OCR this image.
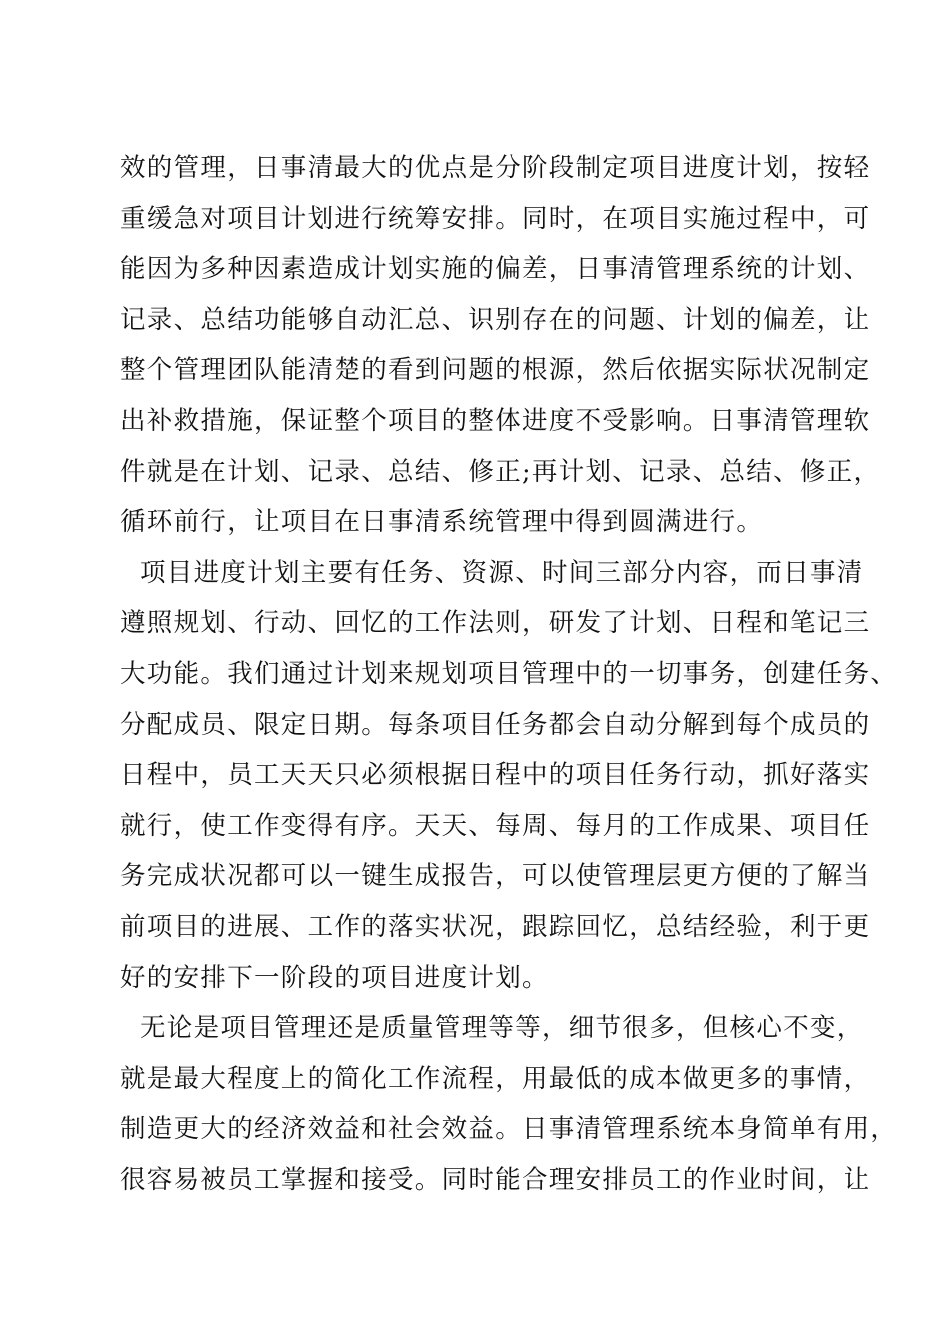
效的管理，日事清最大的优点是分阶段制定项目进度计划，按轻
重缓急对项目计划进行统筹安排。同时，在项目实施过程中，可
能因为多种因素造成计划实施的偏差，日事清管理系统的计划、
记录、总结功能够自动汇总、识别存在的问题、计划的偏差，让
整个管理团队能清楚的看到问题的根源，然后依据实际状况制定
出补救措施，保证整个项目的整体进度不受影响。日事清管理软
件就是在计划、记录、总结、修正;再计划、记录、总结、修正，
循环前行，让项目在日事清系统管理中得到圆满进行。
项目进度计划主要有任务、资源、时间三部分内容，而日事清
遵照规划、行动、回忆的工作法则，研发了计划、日程和笔记三
大功能。我们通过计划来规划项目管理中的一切事务，创建任务、
分配成员、限定日期。每条项目任务都会自动分解到每个成员的
日程中，员工天天只必须根据日程中的项目任务行动，抓好落实
就行，使工作变得有序。天天、每周、每月的工作成果、项目任
务完成状况都可以一键生成报告，可以使管理层更方便的了解当
前项目的进展、工作的落实状况，跟踪回忆，总结经验，利于更
好的安排下一阶段的项目进度计划。
无论是项目管理还是质量管理等等，细节很多，但核心不变，
就是最大程度上的简化工作流程，用最低的成本做更多的事情，
制造更大的经济效益和社会效益。日事清管理系统本身简单有用，
很容易被员工掌握和接受。同时能合理安排员工的作业时间，让
